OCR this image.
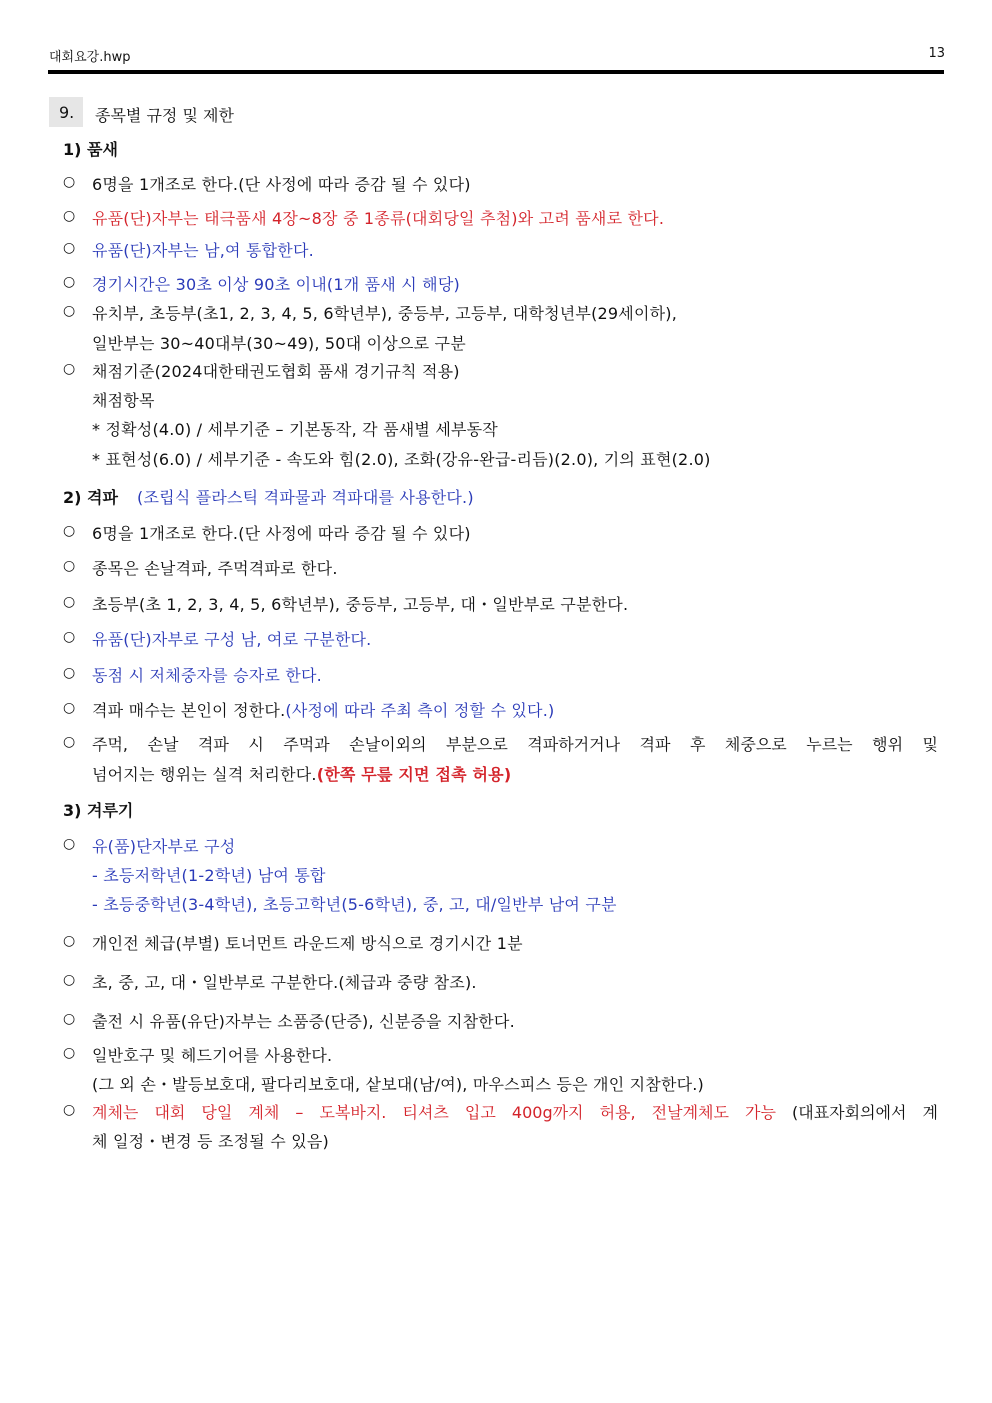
대회요강.hwp	13
9. 종목별 규정 및 제한
1) 품새
○ 6명을 1개조로 한다.(단 사정에 따라 증감 될 수 있다)
○ 유품(단)자부는 태극품새 4장~8장 중 1종류(대회당일 추첨)와 고려 품새로 한다.
○ 유품(단)자부는 남,여 통합한다.
○ 경기시간은 30초 이상 90초 이내(1개 품새 시 해당)
○ 유치부, 초등부(초1, 2, 3, 4, 5, 6학년부), 중등부, 고등부, 대학청년부(29세이하),
일반부는 30~40대부(30~49), 50대 이상으로 구분
○ 채점기준(2024대한태권도협회 품새 경기규칙 적용)
채점항목
* 정확성(4.0) / 세부기준 – 기본동작, 각 품새별 세부동작
* 표현성(6.0) / 세부기준 - 속도와 힘(2.0), 조화(강유-완급-리듬)(2.0), 기의 표현(2.0)
2) 격파 (조립식 플라스틱 격파물과 격파대를 사용한다.)
○ 6명을 1개조로 한다.(단 사정에 따라 증감 될 수 있다)
○ 종목은 손날격파, 주먹격파로 한다.
○ 초등부(초 1, 2, 3, 4, 5, 6학년부), 중등부, 고등부, 대・일반부로 구분한다.
○ 유품(단)자부로 구성 남, 여로 구분한다.
○ 동점 시 저체중자를 승자로 한다.
○ 격파 매수는 본인이 정한다.(사정에 따라 주최 측이 정할 수 있다.)
○ 주먹, 손날 격파 시 주먹과 손날이외의 부분으로 격파하거거나 격파 후 체중으로 누르는 행위 및
넘어지는 행위는 실격 처리한다.(한쪽 무릎 지면 접촉 허용)
3) 겨루기
○ 유(품)단자부로 구성
- 초등저학년(1-2학년) 남여 통합
- 초등중학년(3-4학년), 초등고학년(5-6학년), 중, 고, 대/일반부 남여 구분
○ 개인전 체급(부별) 토너먼트 라운드제 방식으로 경기시간 1분
○ 초, 중, 고, 대・일반부로 구분한다.(체급과 중량 참조).
○ 출전 시 유품(유단)자부는 소품증(단증), 신분증을 지참한다.
○ 일반호구 및 헤드기어를 사용한다.
(그 외 손・발등보호대, 팔다리보호대, 샅보대(남/여), 마우스피스 등은 개인 지참한다.)
○ 계체는 대회 당일 계체 – 도복바지. 티셔츠 입고 400g까지 허용, 전날계체도 가능 (대표자회의에서 계
체 일정・변경 등 조정될 수 있음)
